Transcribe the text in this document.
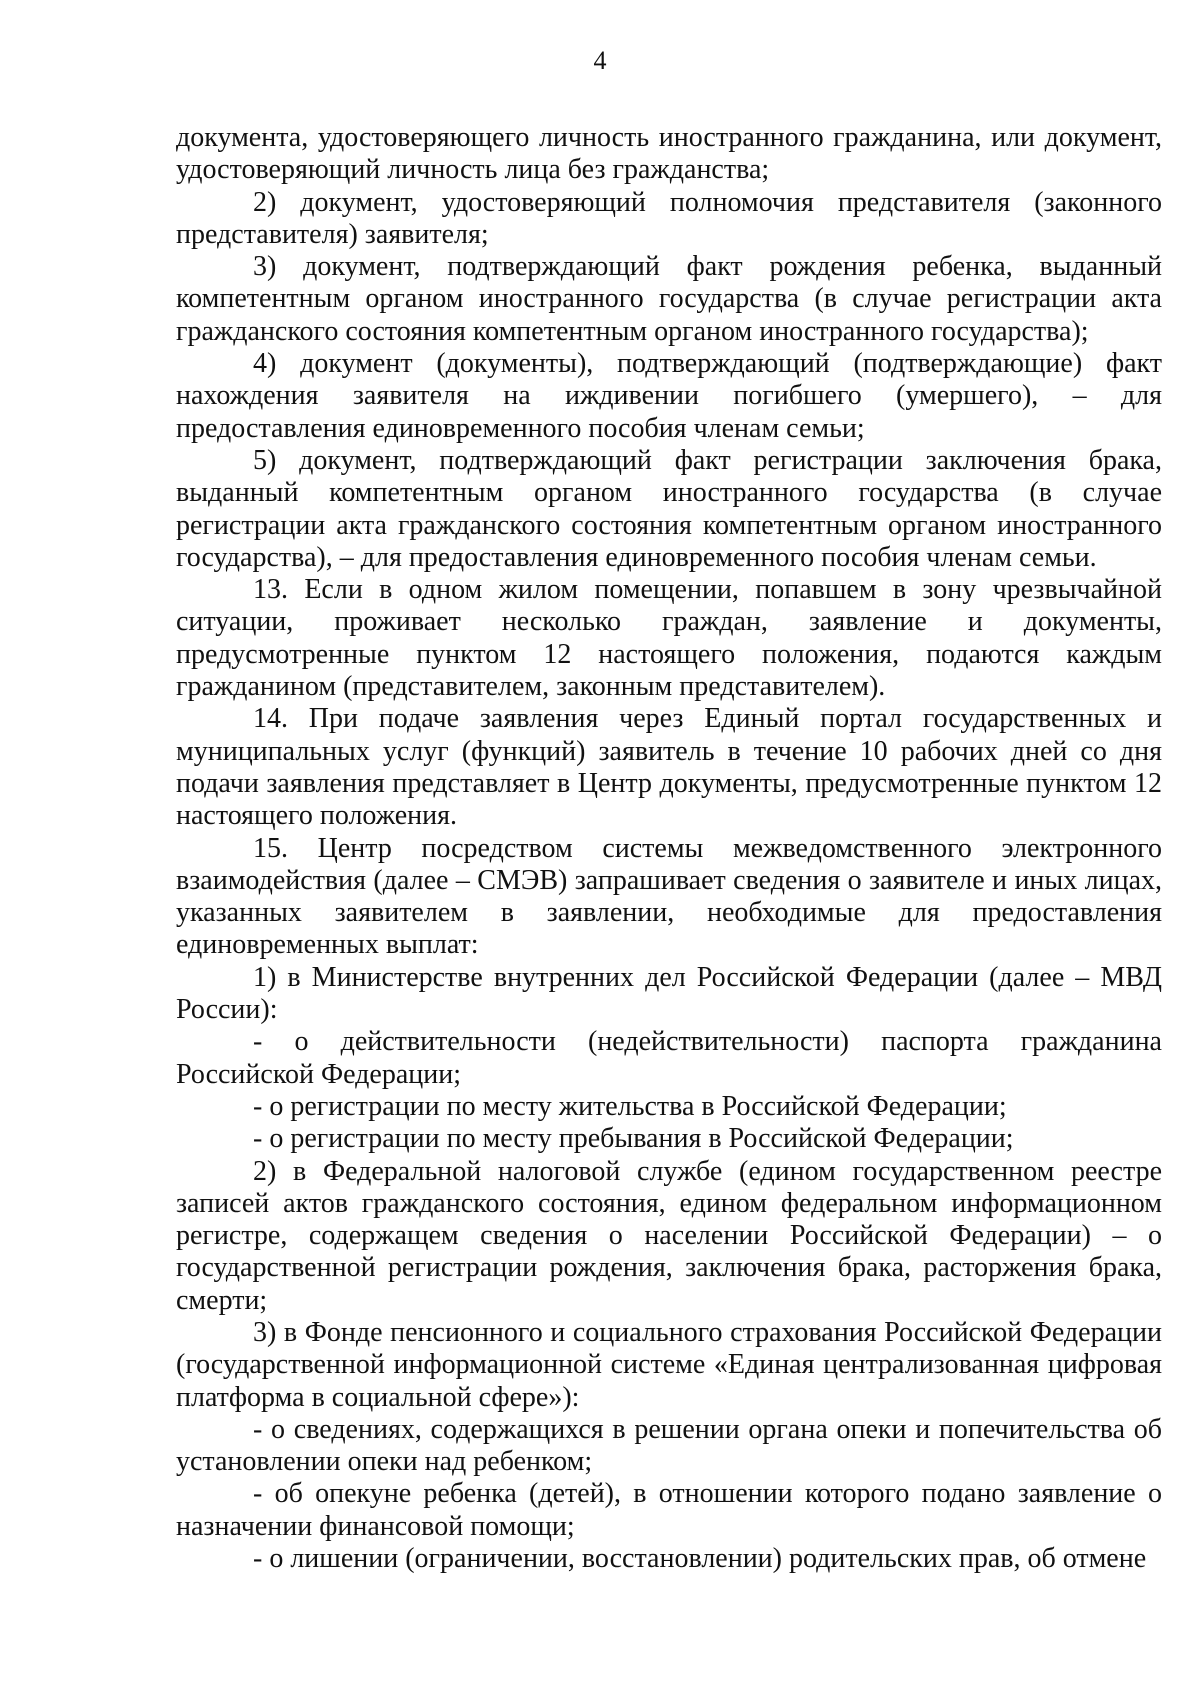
4

документа, удостоверяющего личность иностранного гражданина, или документ, удостоверяющий личность лица без гражданства;

2) документ, удостоверяющий полномочия представителя (законного представителя) заявителя;

3) документ, подтверждающий факт рождения ребенка, выданный компетентным органом иностранного государства (в случае регистрации акта гражданского состояния компетентным органом иностранного государства);

4) документ (документы), подтверждающий (подтверждающие) факт нахождения заявителя на иждивении погибшего (умершего), – для предоставления единовременного пособия членам семьи;

5) документ, подтверждающий факт регистрации заключения брака, выданный компетентным органом иностранного государства (в случае регистрации акта гражданского состояния компетентным органом иностранного государства), – для предоставления единовременного пособия членам семьи.

13. Если в одном жилом помещении, попавшем в зону чрезвычайной ситуации, проживает несколько граждан, заявление и документы, предусмотренные пунктом 12 настоящего положения, подаются каждым гражданином (представителем, законным представителем).

14. При подаче заявления через Единый портал государственных и муниципальных услуг (функций) заявитель в течение 10 рабочих дней со дня подачи заявления представляет в Центр документы, предусмотренные пунктом 12 настоящего положения.

15. Центр посредством системы межведомственного электронного взаимодействия (далее – СМЭВ) запрашивает сведения о заявителе и иных лицах, указанных заявителем в заявлении, необходимые для предоставления единовременных выплат:

1) в Министерстве внутренних дел Российской Федерации (далее – МВД России):

- о действительности (недействительности) паспорта гражданина Российской Федерации;

- о регистрации по месту жительства в Российской Федерации;

- о регистрации по месту пребывания в Российской Федерации;

2) в Федеральной налоговой службе (едином государственном реестре записей актов гражданского состояния, едином федеральном информационном регистре, содержащем сведения о населении Российской Федерации) – о государственной регистрации рождения, заключения брака, расторжения брака, смерти;

3) в Фонде пенсионного и социального страхования Российской Федерации (государственной информационной системе «Единая централизованная цифровая платформа в социальной сфере»):

- о сведениях, содержащихся в решении органа опеки и попечительства об установлении опеки над ребенком;

- об опекуне ребенка (детей), в отношении которого подано заявление о назначении финансовой помощи;

- о лишении (ограничении, восстановлении) родительских прав, об отмене
